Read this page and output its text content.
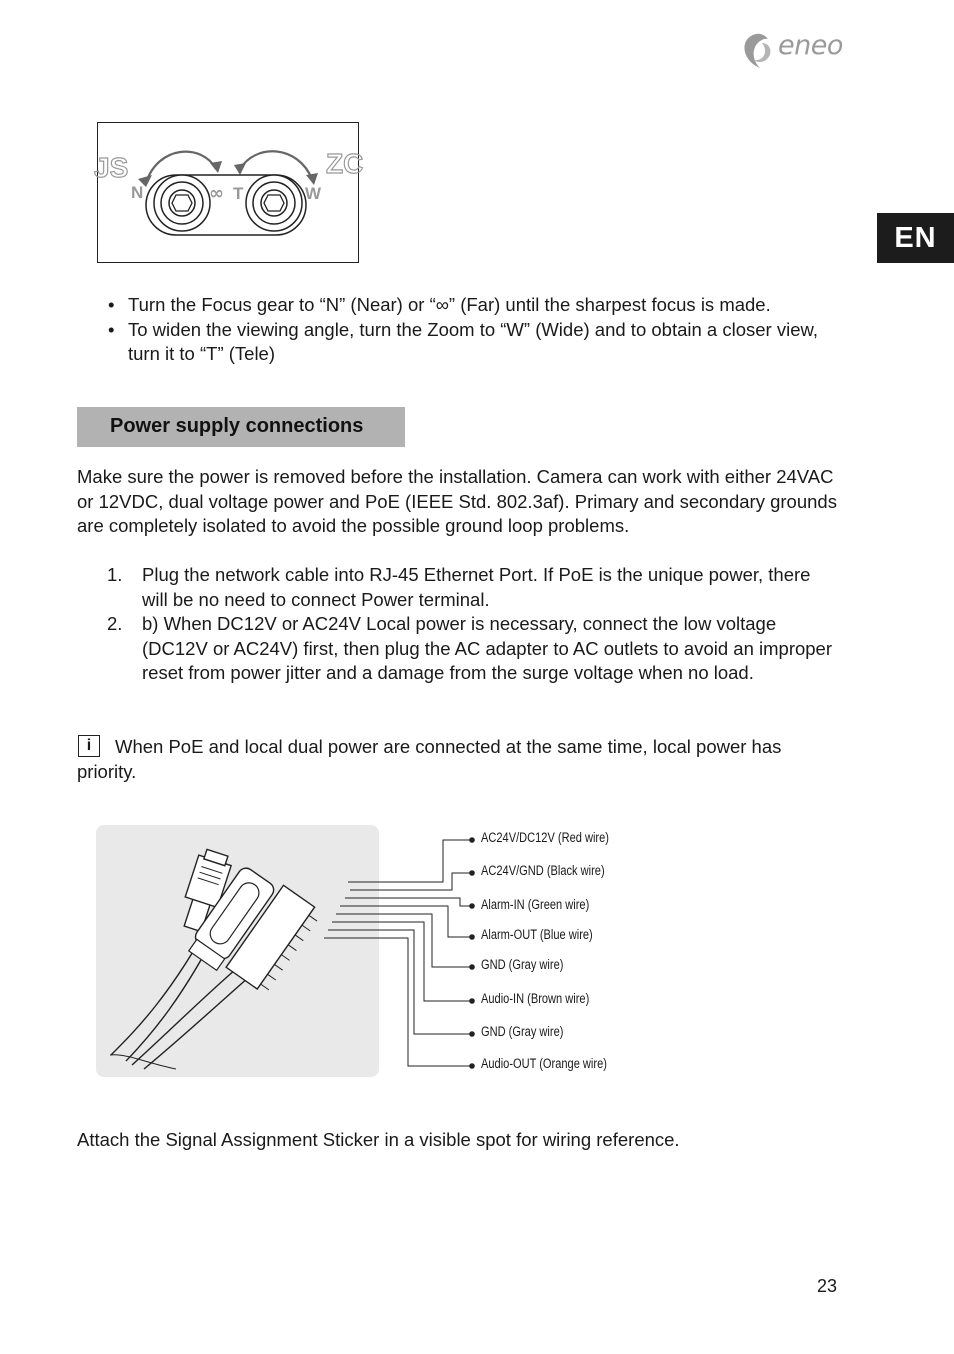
eneo
EN
JS	ZC
N	∞ T	W
• Turn the Focus gear to “N” (Near) or “∞” (Far) until the sharpest focus is made.
• To widen the viewing angle, turn the Zoom to “W” (Wide) and to obtain a closer view, turn it to “T” (Tele)
Power supply connections

Make sure the power is removed before the installation. Camera can work with either 24VAC or 12VDC, dual voltage power and PoE (IEEE Std. 802.3af). Primary and secondary grounds are completely isolated to avoid the possible ground loop problems.

1. Plug the network cable into RJ-45 Ethernet Port. If PoE is the unique power, there will be no need to connect Power terminal.
2. b) When DC12V or AC24V Local power is necessary, connect the low voltage (DC12V or AC24V) first, then plug the AC adapter to AC outlets to avoid an improper reset from power jitter and a damage from the surge voltage when no load.
i	When PoE and local dual power are connected at the same time, local power has priority.

AC24V/DC12V (Red wire)
AC24V/GND (Black wire)
Alarm-IN (Green wire)
Alarm-OUT (Blue wire)
GND (Gray wire)
Audio-IN (Brown wire)
GND (Gray wire)
Audio-OUT (Orange wire)

Attach the Signal Assignment Sticker in a visible spot for wiring reference.

23
